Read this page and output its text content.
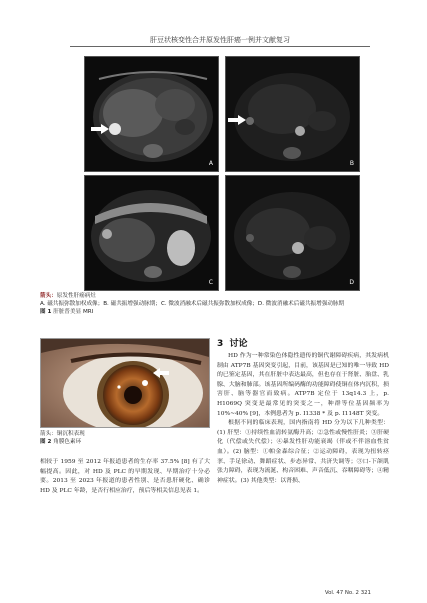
肝豆状核变性合并原发性肝癌一例并文献复习
A	B
C	D
箭头：原发性肝癌病灶
A. 磁共振弥散加权成像；B. 磁共振增强动脉期；C. 微波消融术后磁共振弥散加权成像；D. 微波消融术后磁共振增强动脉期
图 1 肝脏普美显 MRI
箭头：铜沉积表现
图 2 角膜色素环

相较于 1959 至 2012 年报道患者的生存率 37.5% [8] 有了大幅提高。因此，对 HD 及 PLC 的早期发现、早期治疗十分必要。2013 至 2023 年报道的患者性别、是否患肝硬化、确诊 HD 及 PLC 年龄，是否行相应治疗，预后等相关信息见表 1。

3 讨论

HD 作为一种常染色体隐性遗传的铜代谢障碍疾病，其发病机制由 ATP7B 基因突变引起，目前，该基因是已知的唯一导致 HD 的已鉴定基因，其在肝脏中表达最高，但也存在于肾脏、胎盘、乳腺、大脑和肺部。该基因所编码酶的功能障碍使铜在体内沉积，损害肝、脑等器官而致病。ATP7B 定位于 13q14.3 上，p. H1069Q 突变是最常见的突变之一，种群等位基因频率为 10%~40% [9]，本例患者为 p. I1338 * 及 p. I1148T 突变。

根据不同的临床表现，国内指南将 HD 分为以下几种类型：(1) 肝型：①持续性血清转氨酶升高；②急性或慢性肝炎；③肝硬化（代偿或失代偿）；④暴发性肝功能衰竭（伴或不伴溶血性贫血）。(2) 脑型：①帕金森综合征；②运动障碍，表现为扭转痉挛、手足徐动、舞蹈症状、步态异常、共济失调等；③口-下颌肌张力障碍，表现为流涎、构音困难、声音低沉、吞咽障碍等；④精神症状。(3) 其他类型：以肾损、

Vol. 47 No. 2 321
